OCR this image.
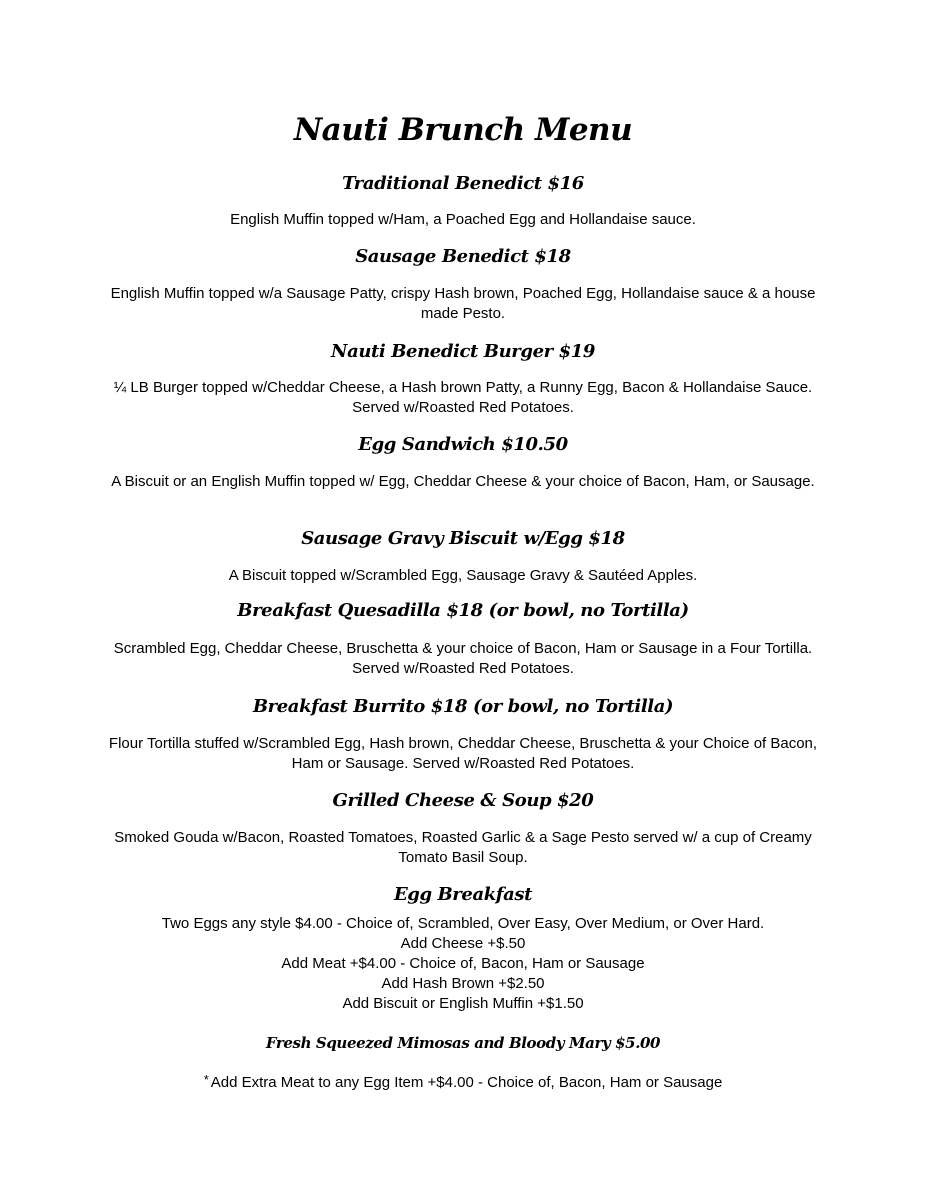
Nauti Brunch Menu
Traditional Benedict $16
English Muffin topped w/Ham, a Poached Egg and Hollandaise sauce.
Sausage Benedict $18
English Muffin topped w/a Sausage Patty, crispy Hash brown, Poached Egg, Hollandaise sauce & a house made Pesto.
Nauti Benedict Burger $19
¼ LB Burger topped w/Cheddar Cheese, a Hash brown Patty, a Runny Egg, Bacon & Hollandaise Sauce. Served w/Roasted Red Potatoes.
Egg Sandwich $10.50
A Biscuit or an English Muffin topped w/ Egg, Cheddar Cheese & your choice of Bacon, Ham, or Sausage.
Sausage Gravy Biscuit w/Egg $18
A Biscuit topped w/Scrambled Egg, Sausage Gravy & Sautéed Apples.
Breakfast Quesadilla $18 (or bowl, no Tortilla)
Scrambled Egg, Cheddar Cheese, Bruschetta & your choice of Bacon, Ham or Sausage in a Four Tortilla. Served w/Roasted Red Potatoes.
Breakfast Burrito $18 (or bowl, no Tortilla)
Flour Tortilla stuffed w/Scrambled Egg, Hash brown, Cheddar Cheese, Bruschetta & your Choice of Bacon, Ham or Sausage. Served w/Roasted Red Potatoes.
Grilled Cheese & Soup $20
Smoked Gouda w/Bacon, Roasted Tomatoes, Roasted Garlic & a Sage Pesto served w/ a cup of Creamy Tomato Basil Soup.
Egg Breakfast
Two Eggs any style $4.00 - Choice of, Scrambled, Over Easy, Over Medium, or Over Hard.
Add Cheese +$.50
Add Meat +$4.00 - Choice of, Bacon, Ham or Sausage
Add Hash Brown +$2.50
Add Biscuit or English Muffin +$1.50
Fresh Squeezed Mimosas and Bloody Mary $5.00
* Add Extra Meat to any Egg Item +$4.00 - Choice of, Bacon, Ham or Sausage
